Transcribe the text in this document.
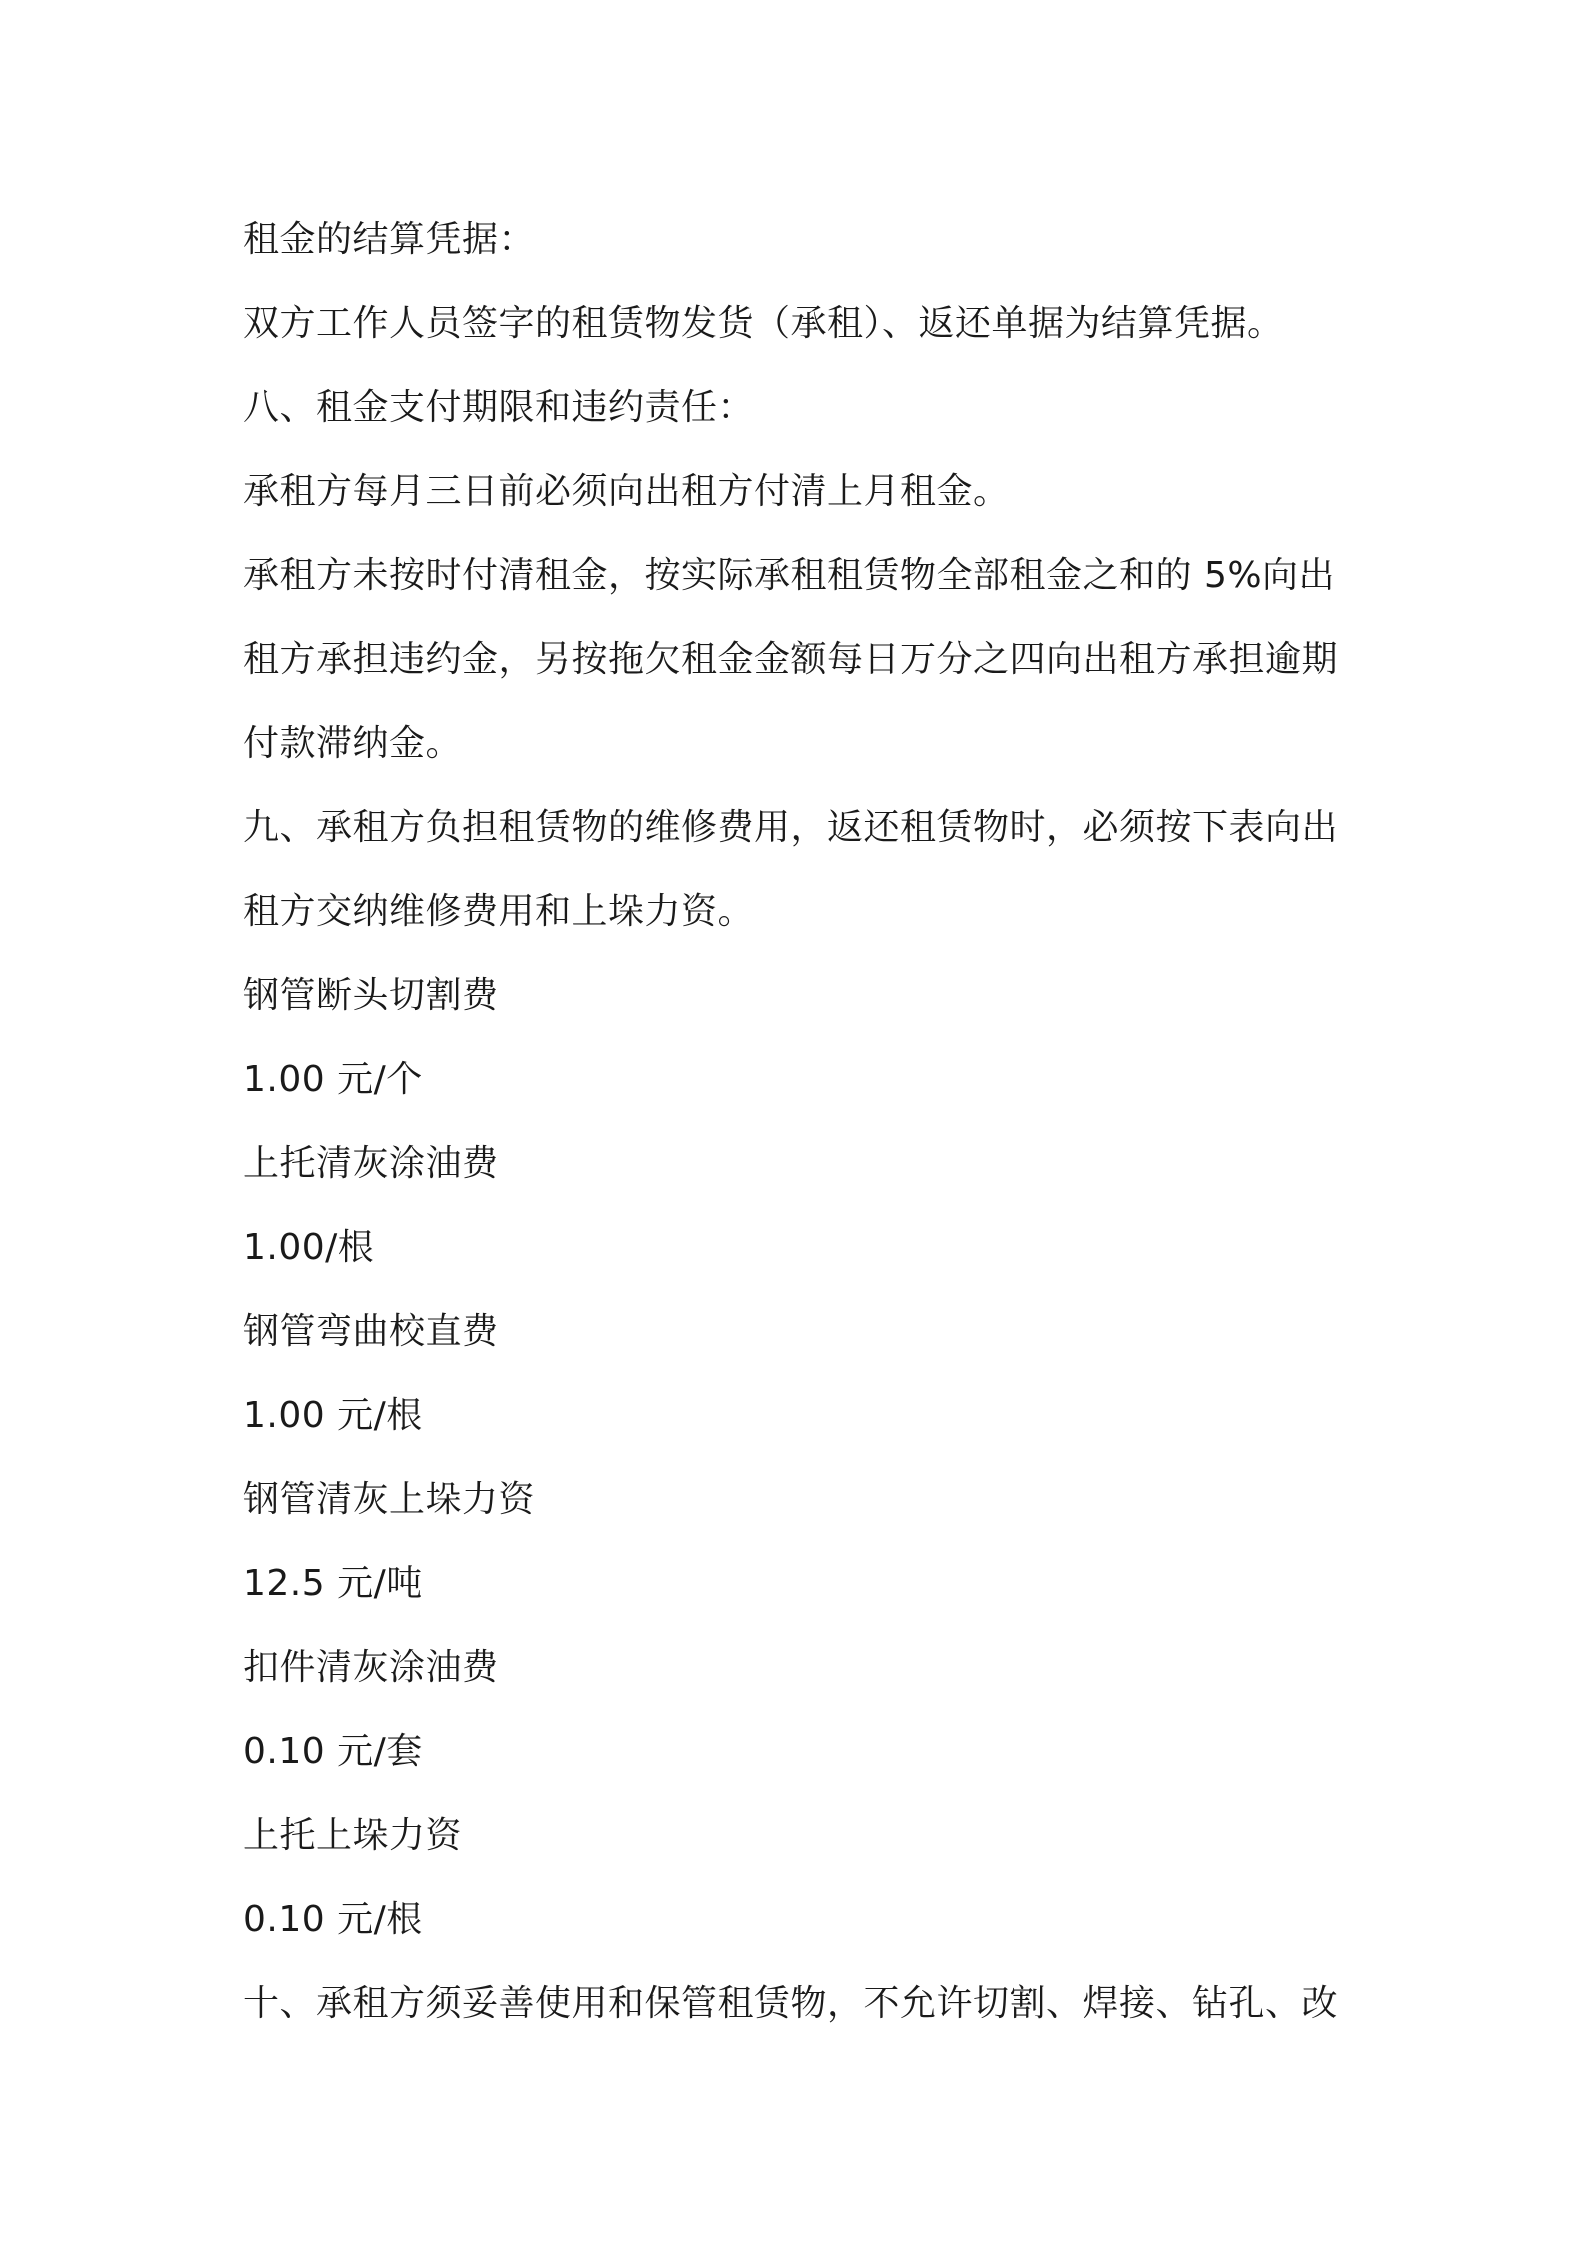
租金的结算凭据：
双方工作人员签字的租赁物发货（承租）、返还单据为结算凭据。
八、租金支付期限和违约责任：
承租方每月三日前必须向出租方付清上月租金。
承租方未按时付清租金，按实际承租租赁物全部租金之和的 5%向出
租方承担违约金，另按拖欠租金金额每日万分之四向出租方承担逾期
付款滞纳金。
九、承租方负担租赁物的维修费用，返还租赁物时，必须按下表向出
租方交纳维修费用和上垛力资。
钢管断头切割费
1.00 元/个
上托清灰涂油费
1.00/根
钢管弯曲校直费
1.00 元/根
钢管清灰上垛力资
12.5 元/吨
扣件清灰涂油费
0.10 元/套
上托上垛力资
0.10 元/根
十、承租方须妥善使用和保管租赁物，不允许切割、焊接、钻孔、改
